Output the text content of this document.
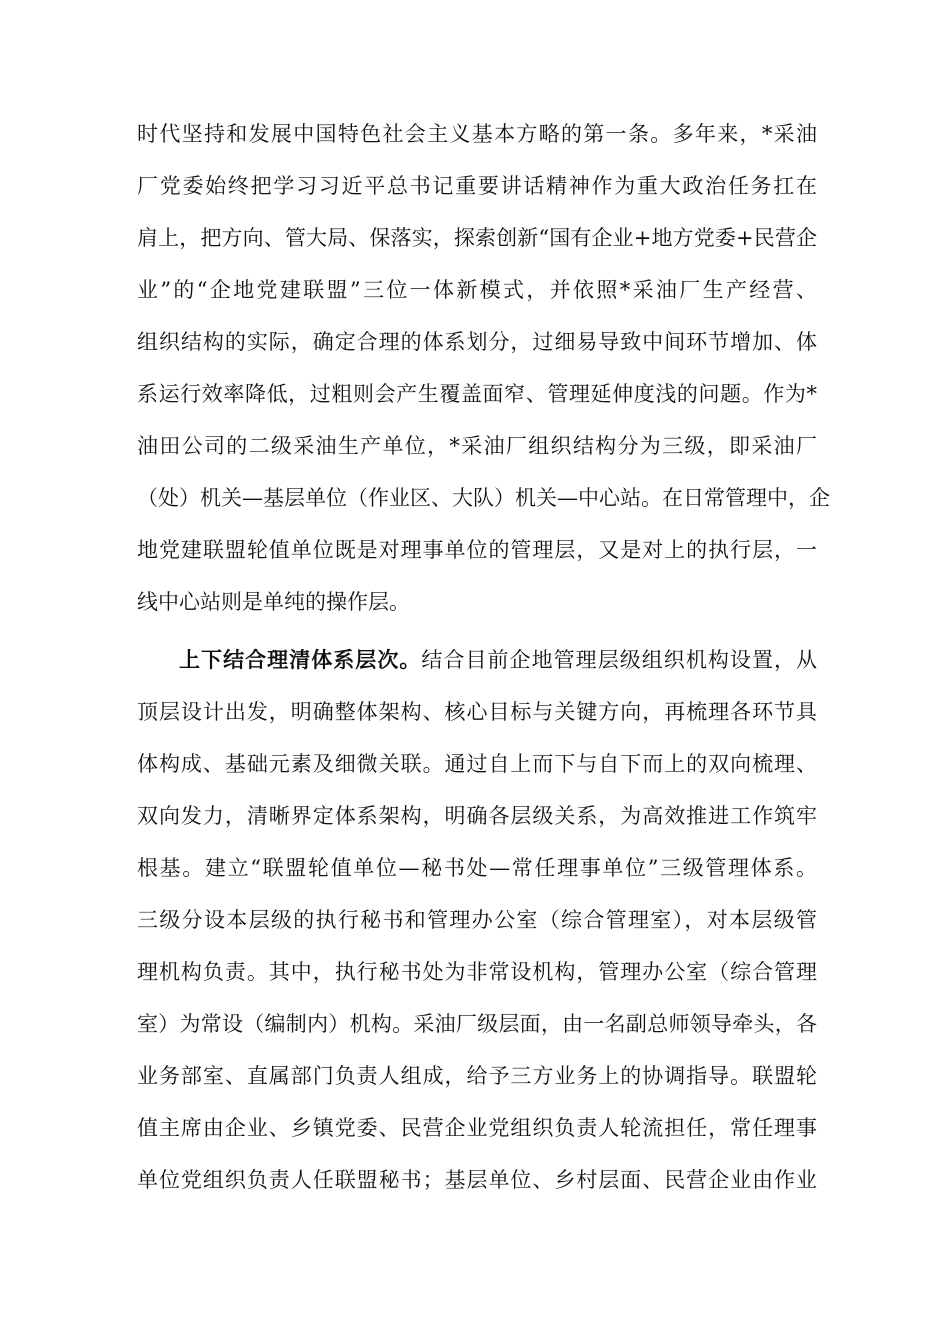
时代坚持和发展中国特色社会主义基本方略的第一条。多年来，*采油
厂党委始终把学习习近平总书记重要讲话精神作为重大政治任务扛在
肩上，把方向、管大局、保落实，探索创新“国有企业+地方党委+民营企
业”的“企地党建联盟”三位一体新模式，并依照*采油厂生产经营、
组织结构的实际，确定合理的体系划分，过细易导致中间环节增加、体
系运行效率降低，过粗则会产生覆盖面窄、管理延伸度浅的问题。作为*
油田公司的二级采油生产单位，*采油厂组织结构分为三级，即采油厂
（处）机关—基层单位（作业区、大队）机关—中心站。在日常管理中，企
地党建联盟轮值单位既是对理事单位的管理层，又是对上的执行层，一
线中心站则是单纯的操作层。
上下结合理清体系层次。结合目前企地管理层级组织机构设置，从
顶层设计出发，明确整体架构、核心目标与关键方向，再梳理各环节具
体构成、基础元素及细微关联。通过自上而下与自下而上的双向梳理、
双向发力，清晰界定体系架构，明确各层级关系，为高效推进工作筑牢
根基。建立“联盟轮值单位—秘书处—常任理事单位”三级管理体系。
三级分设本层级的执行秘书和管理办公室（综合管理室），对本层级管
理机构负责。其中，执行秘书处为非常设机构，管理办公室（综合管理
室）为常设（编制内）机构。采油厂级层面，由一名副总师领导牵头，各
业务部室、直属部门负责人组成，给予三方业务上的协调指导。联盟轮
值主席由企业、乡镇党委、民营企业党组织负责人轮流担任，常任理事
单位党组织负责人任联盟秘书；基层单位、乡村层面、民营企业由作业
